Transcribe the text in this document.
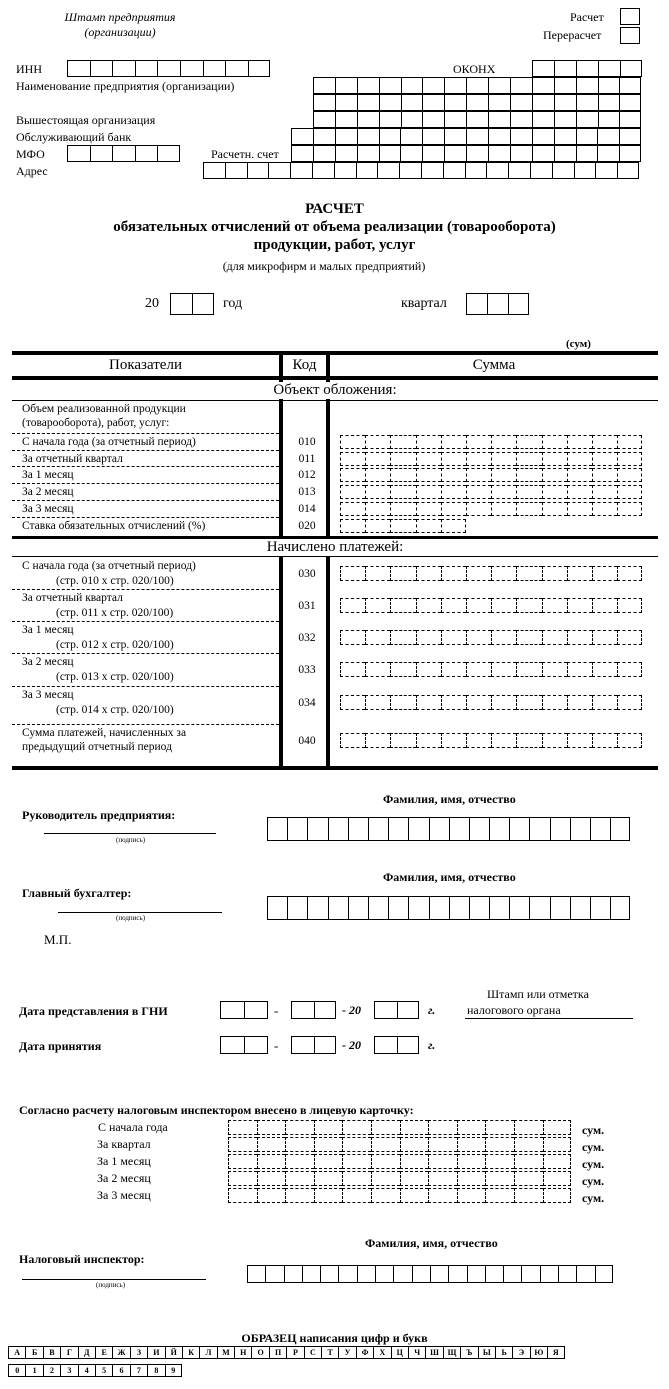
Штамп предприятия
(организации)
Расчет
Перерасчет
ИНН	ОКОНХ
Наименование предприятия (организации)
Вышестоящая организация
Обслуживающий банк
МФО	Расчетн. счет
Адрес
РАСЧЕТ
обязательных отчислений от объема реализации (товарооборота)
продукции, работ, услуг
(для микрофирм и малых предприятий)
20	год	квартал
(сум)
Показатели	Код	Сумма
Объект обложения:
Объем реализованной продукции
(товарооборота), работ, услуг:
С начала года (за отчетный период)	010
За отчетный квартал	011
За 1 месяц	012
За 2 месяц	013
За 3 месяц	014
Ставка обязательных отчислений (%)	020
Начислено платежей:
С начала года (за отчетный период)
(стр. 010 х стр. 020/100)
030
За отчетный квартал
(стр. 011 х стр. 020/100)
031
За 1 месяц
(стр. 012 х стр. 020/100)
032
За 2 месяц
(стр. 013 х стр. 020/100)
033
За 3 месяц
(стр. 014 х стр. 020/100)
034
Сумма платежей, начисленных за
предыдущий отчетный период	040
Фамилия, имя, отчество
Руководитель предприятия:
(подпись)
Фамилия, имя, отчество
Главный бухгалтер:
(подпись)
М.П.
Штамп или отметка
налогового органа
Дата представления в ГНИ	-	- 20	г.
Дата принятия	-	- 20	г.
Согласно расчету налоговым инспектором внесено в лицевую карточку:
С начала года	сум.
За квартал	сум.
За 1 месяц	сум.
За 2 месяц	сум.
За 3 месяц	сум.
Фамилия, имя, отчество
Налоговый инспектор:
(подпись)
ОБРАЗЕЦ написания цифр и букв
А	Б	В	Г	Д	Е	Ж	З	И	Й	К	Л	М	Н	О	П	Р	С	Т	У	Ф	Х	Ц	Ч	Ш	Щ	Ъ	Ы	Ь	Э	Ю	Я
0	1	2	3	4	5	6	7	8	9
